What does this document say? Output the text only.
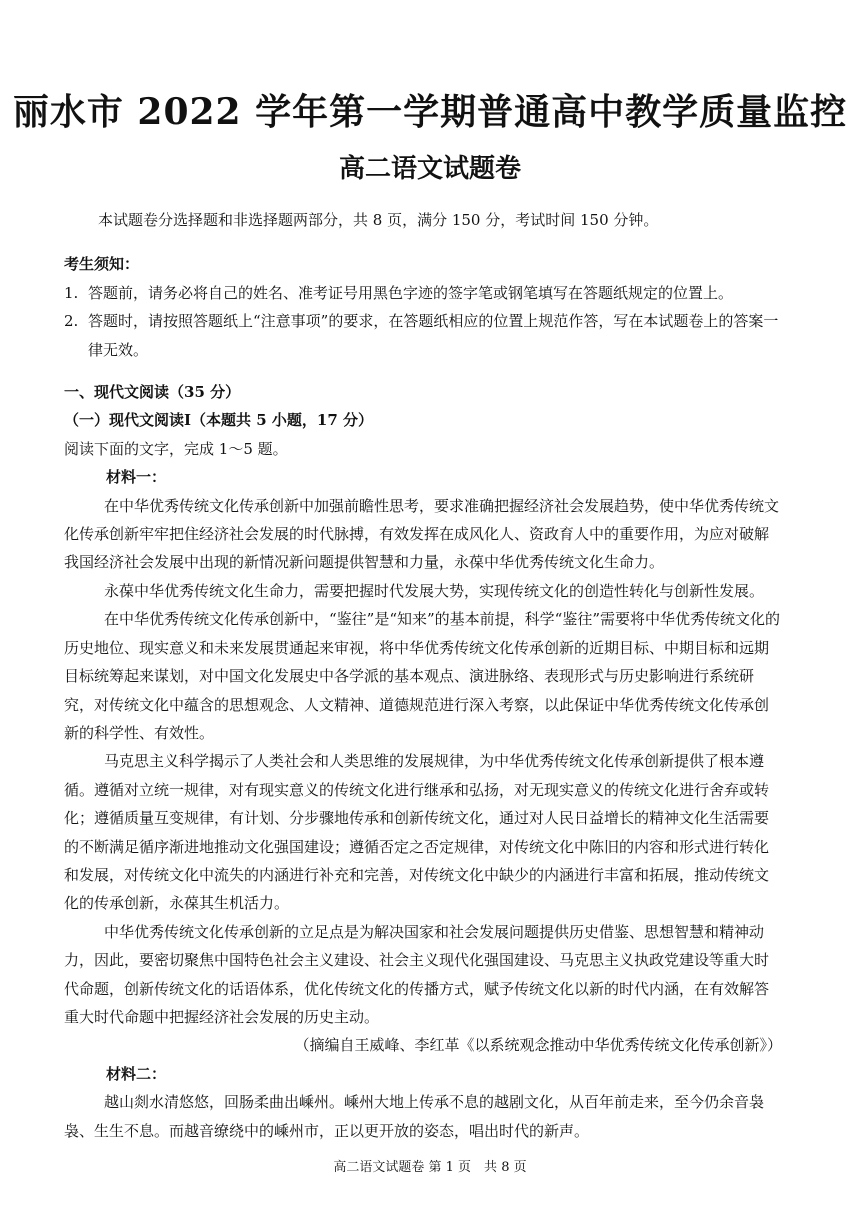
丽水市 2022 学年第一学期普通高中教学质量监控
高二语文试题卷

本试题卷分选择题和非选择题两部分，共 8 页，满分 150 分，考试时间 150 分钟。

考生须知：

1. 答题前，请务必将自己的姓名、准考证号用黑色字迹的签字笔或钢笔填写在答题纸规定的位置上。
2. 答题时，请按照答题纸上“注意事项”的要求，在答题纸相应的位置上规范作答，写在本试题卷上的答案一律无效。

一、现代文阅读（35 分）

（一）现代文阅读Ⅰ（本题共 5 小题，17 分）

阅读下面的文字，完成 1～5 题。

材料一：

在中华优秀传统文化传承创新中加强前瞻性思考，要求准确把握经济社会发展趋势，使中华优秀传统文化传承创新牢牢把住经济社会发展的时代脉搏，有效发挥在成风化人、资政育人中的重要作用，为应对破解我国经济社会发展中出现的新情况新问题提供智慧和力量，永葆中华优秀传统文化生命力。

永葆中华优秀传统文化生命力，需要把握时代发展大势，实现传统文化的创造性转化与创新性发展。

在中华优秀传统文化传承创新中，“鉴往”是“知来”的基本前提，科学“鉴往”需要将中华优秀传统文化的历史地位、现实意义和未来发展贯通起来审视，将中华优秀传统文化传承创新的近期目标、中期目标和远期目标统筹起来谋划，对中国文化发展史中各学派的基本观点、演进脉络、表现形式与历史影响进行系统研究，对传统文化中蕴含的思想观念、人文精神、道德规范进行深入考察，以此保证中华优秀传统文化传承创新的科学性、有效性。

马克思主义科学揭示了人类社会和人类思维的发展规律，为中华优秀传统文化传承创新提供了根本遵循。遵循对立统一规律，对有现实意义的传统文化进行继承和弘扬，对无现实意义的传统文化进行舍弃或转化；遵循质量互变规律，有计划、分步骤地传承和创新传统文化，通过对人民日益增长的精神文化生活需要的不断满足循序渐进地推动文化强国建设；遵循否定之否定规律，对传统文化中陈旧的内容和形式进行转化和发展，对传统文化中流失的内涵进行补充和完善，对传统文化中缺少的内涵进行丰富和拓展，推动传统文化的传承创新，永葆其生机活力。

中华优秀传统文化传承创新的立足点是为解决国家和社会发展问题提供历史借鉴、思想智慧和精神动力，因此，要密切聚焦中国特色社会主义建设、社会主义现代化强国建设、马克思主义执政党建设等重大时代命题，创新传统文化的话语体系，优化传统文化的传播方式，赋予传统文化以新的时代内涵，在有效解答重大时代命题中把握经济社会发展的历史主动。

（摘编自王威峰、李红革《以系统观念推动中华优秀传统文化传承创新》）

材料二：

越山剡水清悠悠，回肠柔曲出嵊州。嵊州大地上传承不息的越剧文化，从百年前走来，至今仍余音袅袅、生生不息。而越音缭绕中的嵊州市，正以更开放的姿态，唱出时代的新声。

高二语文试题卷 第 1 页　共 8 页
